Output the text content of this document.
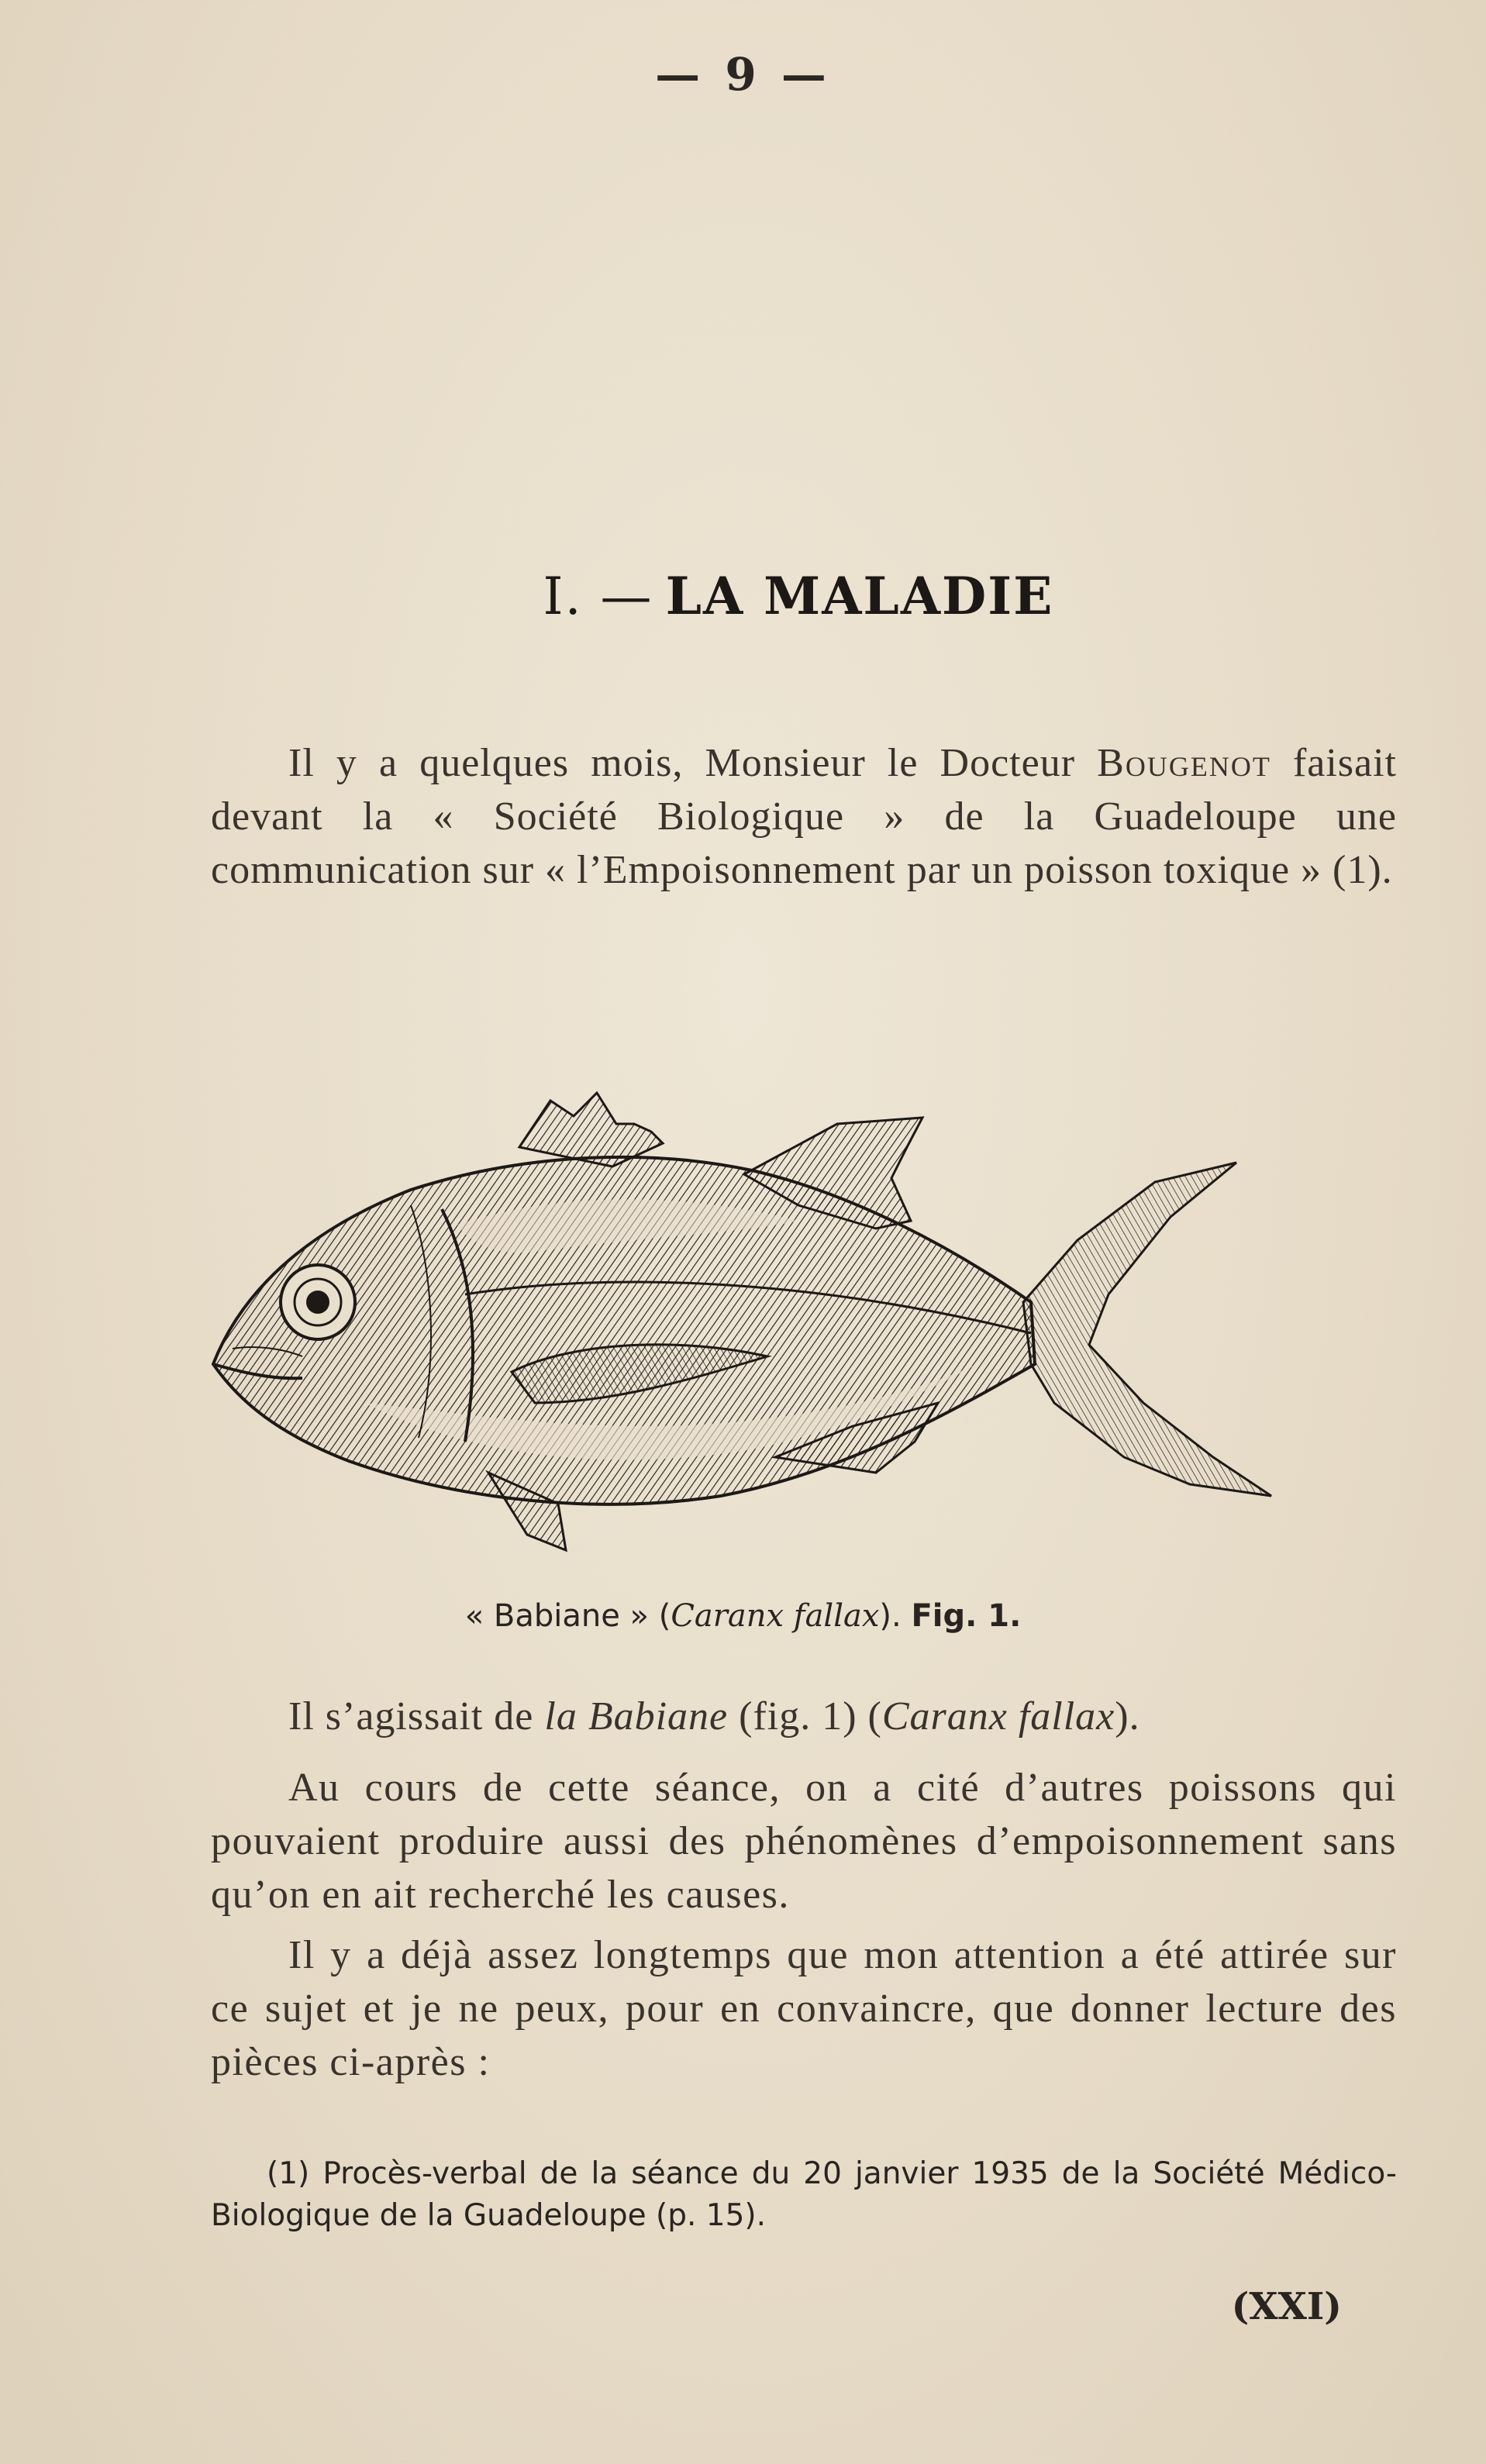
— 9 —
I. — LA MALADIE

Il y a quelques mois, Monsieur le Docteur Bougenot faisait devant la « Société Biologique » de la Guadeloupe une communication sur « l’Empoisonnement par un poisson toxique » (1).

« Babiane » (Caranx fallax). Fig. 1.

Il s’agissait de la Babiane (fig. 1) (Caranx fallax).

Au cours de cette séance, on a cité d’autres poissons qui pouvaient produire aussi des phénomènes d’empoisonnement sans qu’on en ait recherché les causes.

Il y a déjà assez longtemps que mon attention a été attirée sur ce sujet et je ne peux, pour en convaincre, que donner lecture des pièces ci-après :

(1) Procès-verbal de la séance du 20 janvier 1935 de la Société Médico-Biologique de la Guadeloupe (p. 15).

(XXI)
